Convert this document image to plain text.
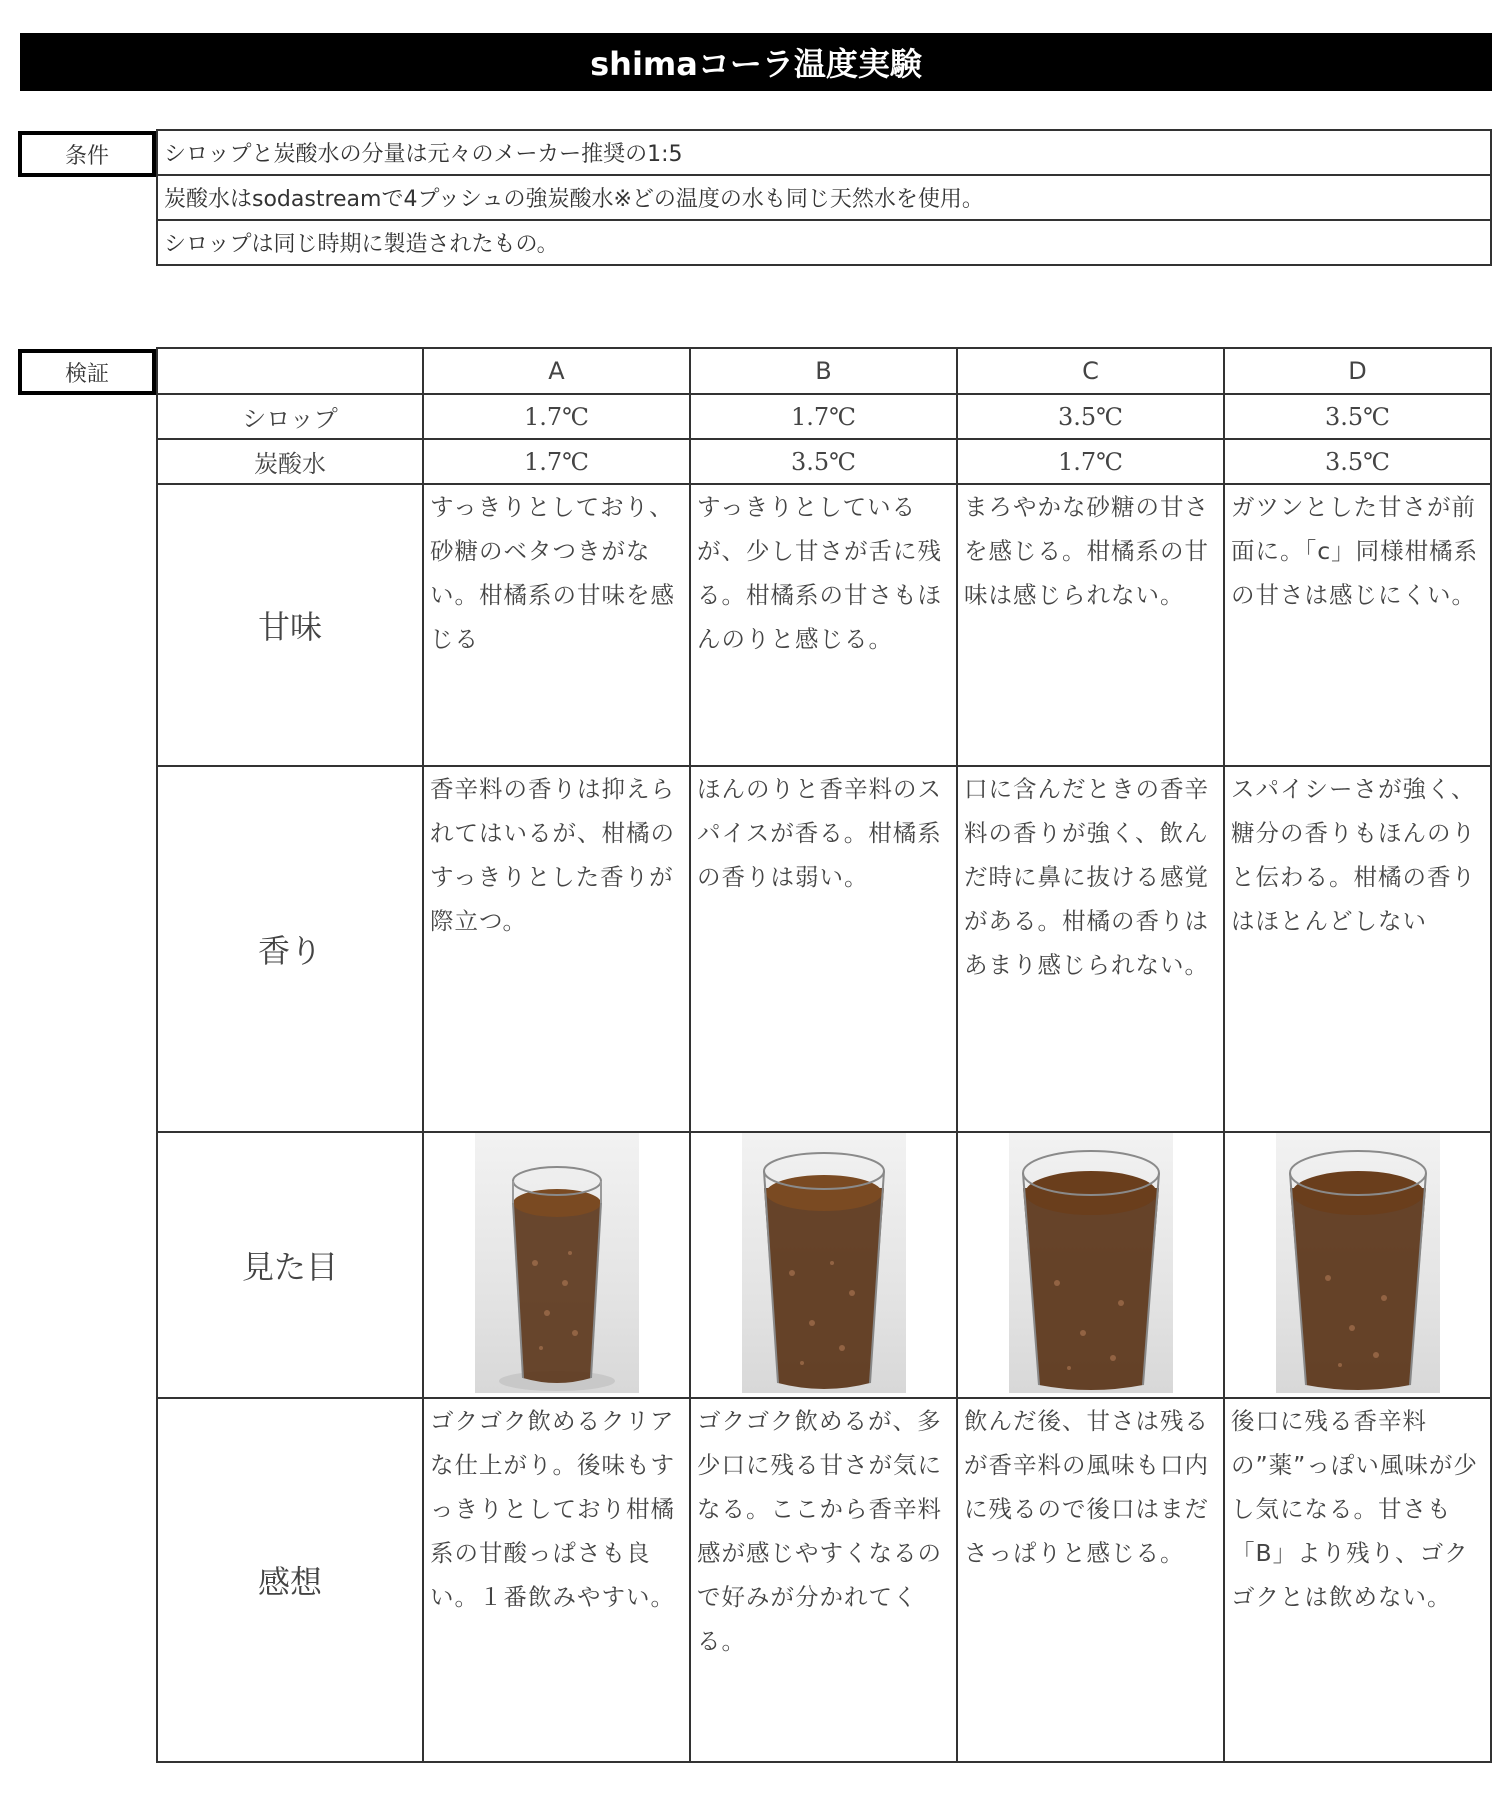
shimaコーラ温度実験
条件	シロップと炭酸水の分量は元々のメーカー推奨の1:5
炭酸水はsodastreamで4プッシュの強炭酸水※どの温度の水も同じ天然水を使用。
シロップは同じ時期に製造されたもの。
検証
		A	B	C	D
シロップ	1.7℃	1.7℃	3.5℃	3.5℃
炭酸水	1.7℃	3.5℃	1.7℃	3.5℃
甘味	すっきりとしており、砂糖のベタつきがない。柑橘系の甘味を感じる	すっきりとしているが、少し甘さが舌に残る。柑橘系の甘さもほんのりと感じる。	まろやかな砂糖の甘さを感じる。柑橘系の甘味は感じられない。	ガツンとした甘さが前面に。「c」同様柑橘系の甘さは感じにくい。
香り	香辛料の香りは抑えられてはいるが、柑橘のすっきりとした香りが際立つ。	ほんのりと香辛料のスパイスが香る。柑橘系の香りは弱い。	口に含んだときの香辛料の香りが強く、飲んだ時に鼻に抜ける感覚がある。柑橘の香りはあまり感じられない。	スパイシーさが強く、糖分の香りもほんのりと伝わる。柑橘の香りはほとんどしない
見た目	

感想	ゴクゴク飲めるクリアな仕上がり。後味もすっきりとしており柑橘系の甘酸っぱさも良い。１番飲みやすい。	ゴクゴク飲めるが、多少口に残る甘さが気になる。ここから香辛料感が感じやすくなるので好みが分かれてくる。	飲んだ後、甘さは残るが香辛料の風味も口内に残るので後口はまださっぱりと感じる。	後口に残る香辛料の”薬”っぽい風味が少し気になる。甘さも「B」より残り、ゴクゴクとは飲めない。
